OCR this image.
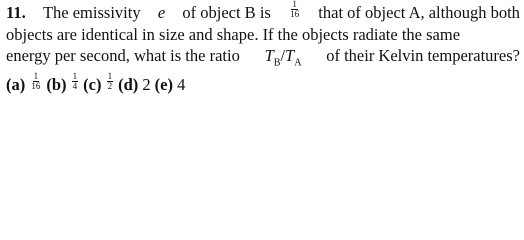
11. The emissivity e of object B is $\frac{1}{16}$ that of object A, although both
objects are identical in size and shape. If the objects radiate the same
energy per second, what is the ratio $T_B/T_A$ of their Kelvin temperatures?
(a)
$\frac{1}{16} (b)$
$\frac{1}{4} (c)$
$\frac{1}{2} (d)$
2 (e)
4
